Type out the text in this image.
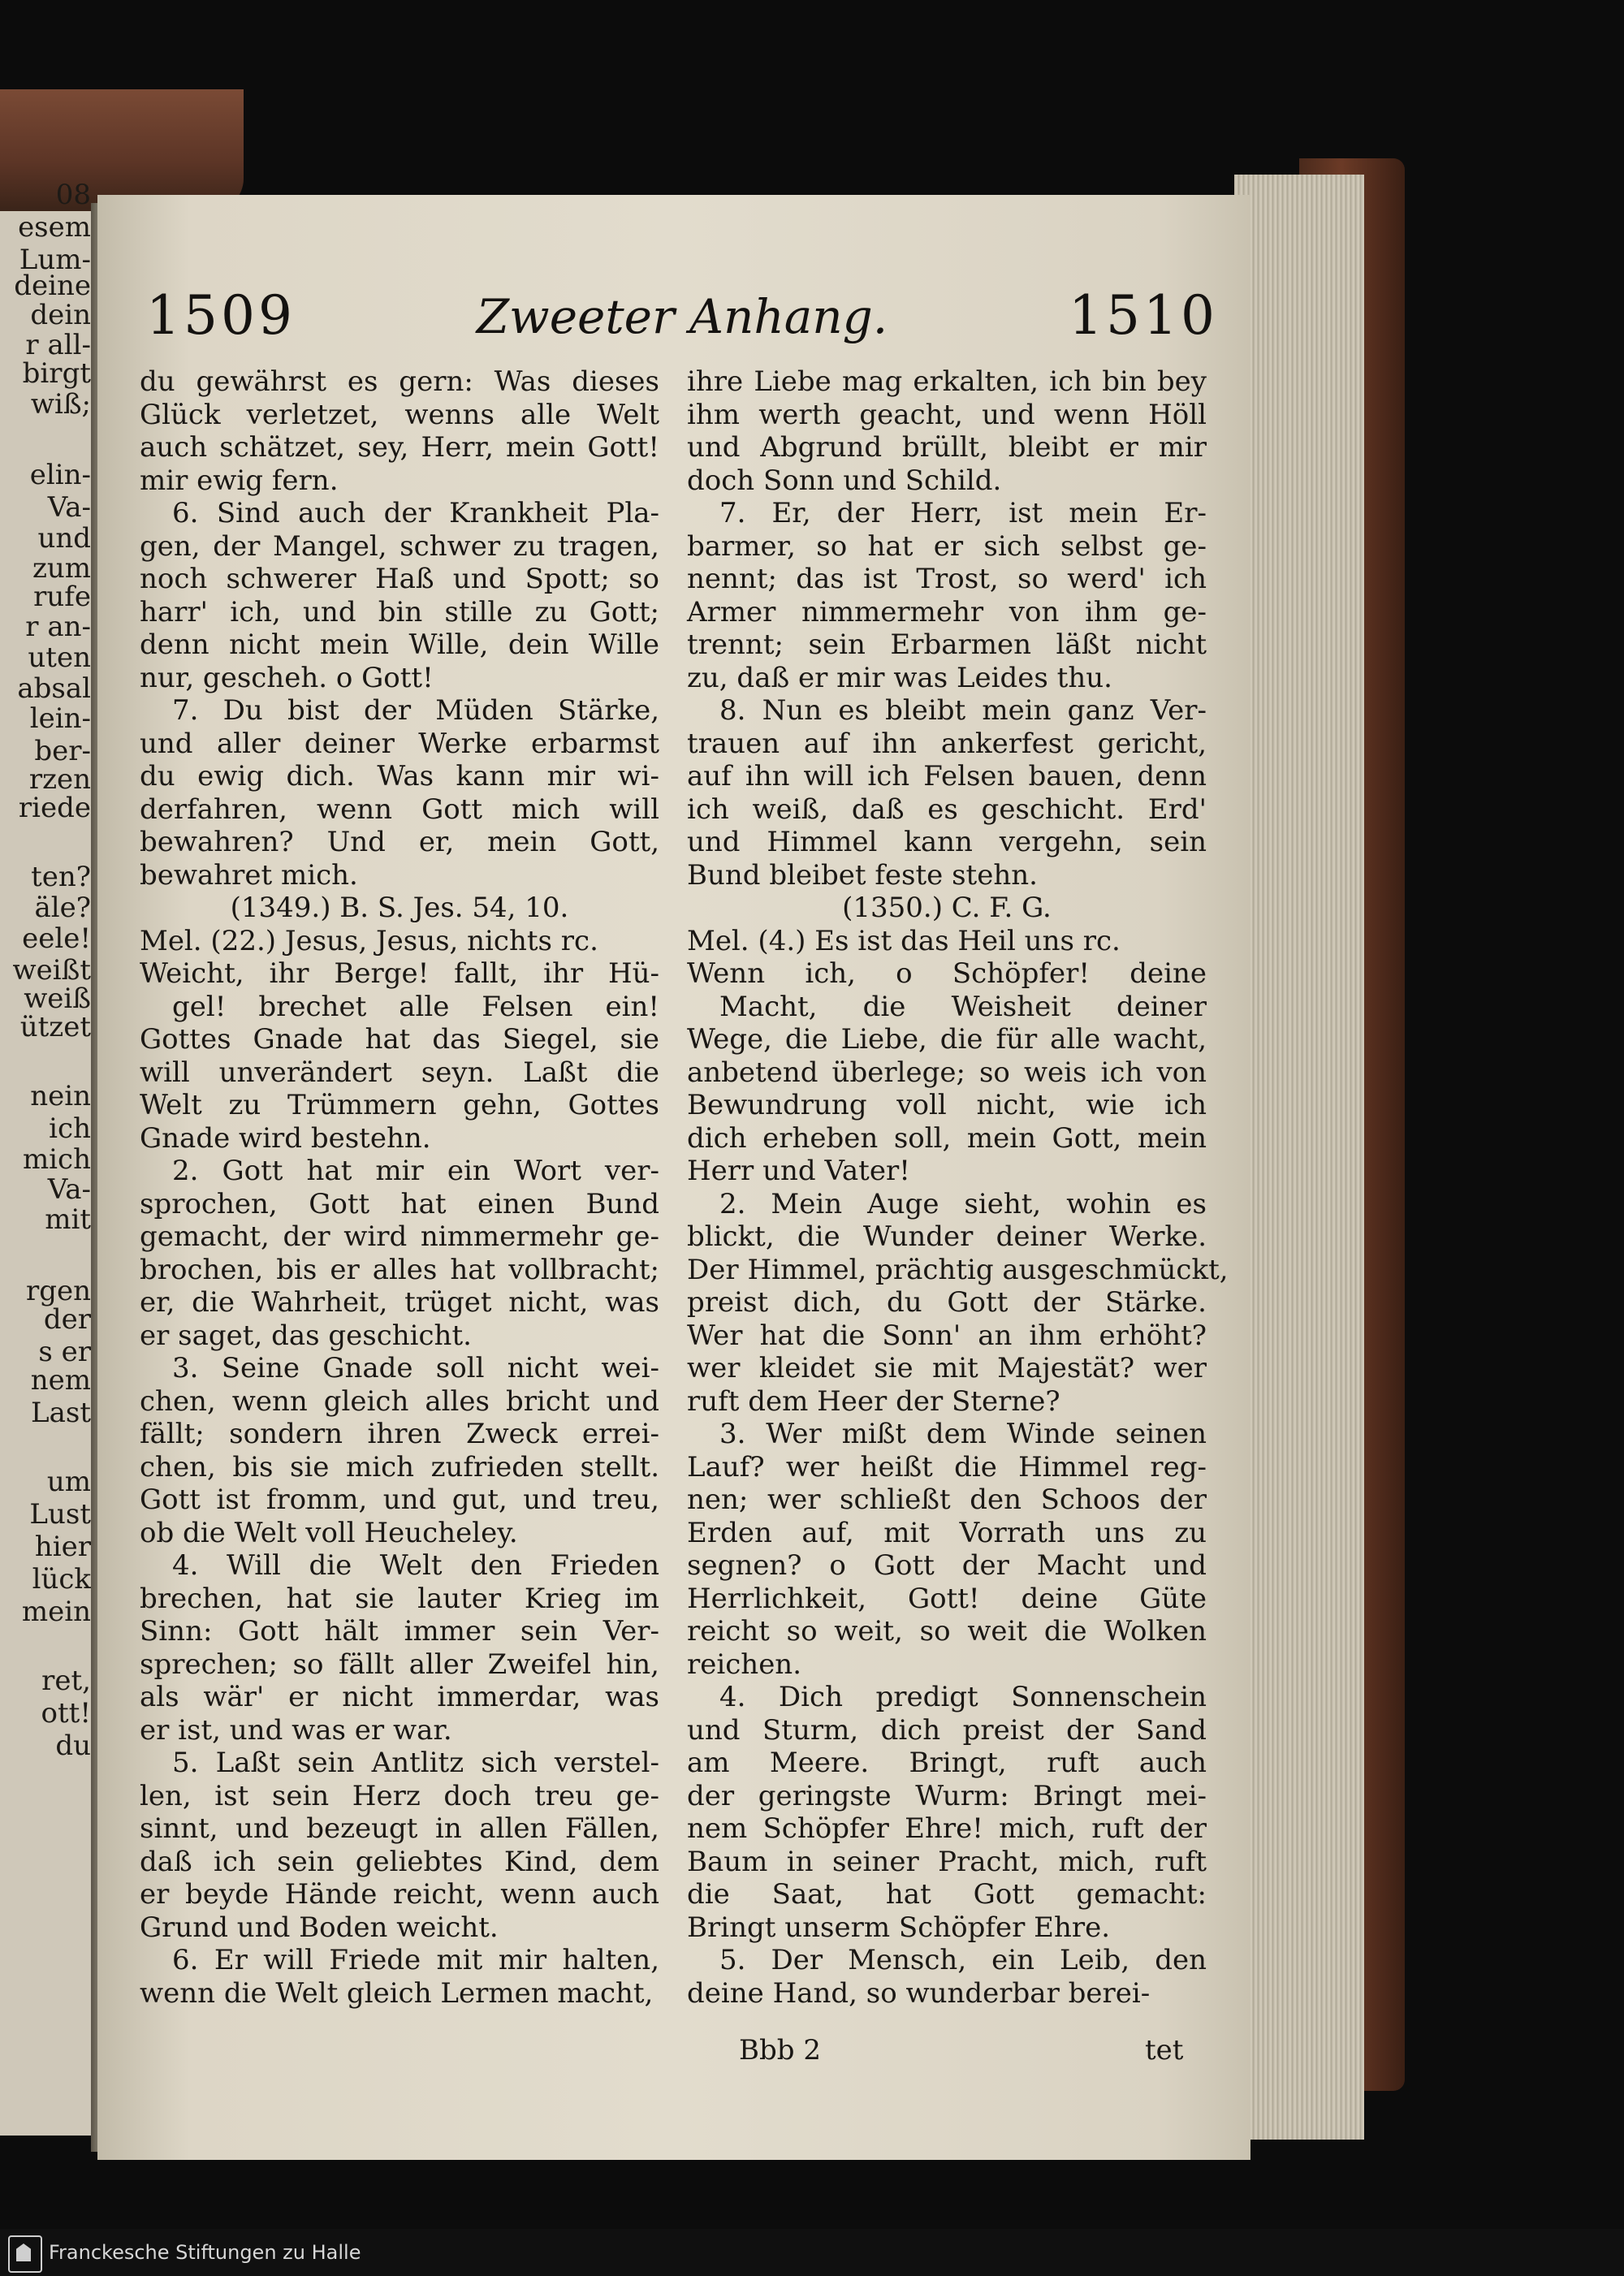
08
esem
Lum-
deine
dein
r all-
birgt
wiß;
elin-
Va-
und
zum
rufe
r an-
uten
absal
lein-
ber-
rzen
riede
ten?
äle?
eele!
weißt
weiß
ützet
nein
ich
mich
Va-
mit
rgen
der
s er
nem
Last
um
Lust
hier
lück
mein
ret,
ott!
du
1509	Zweeter Anhang.	1510
du gewährst es gern: Was dieses
Glück verletzet, wenns alle Welt
auch schätzet, sey, Herr, mein Gott!
mir ewig fern.
6. Sind auch der Krankheit Pla-
gen, der Mangel, schwer zu tragen,
noch schwerer Haß und Spott; so
harr' ich, und bin stille zu Gott;
denn nicht mein Wille, dein Wille
nur, gescheh. o Gott!
7. Du bist der Müden Stärke,
und aller deiner Werke erbarmst
du ewig dich. Was kann mir wi-
derfahren, wenn Gott mich will
bewahren? Und er, mein Gott,
bewahret mich.
(1349.) B. S. Jes. 54, 10.
Mel. (22.) Jesus, Jesus, nichts rc.
Weicht, ihr Berge! fallt, ihr Hü-
gel! brechet alle Felsen ein!
Gottes Gnade hat das Siegel, sie
will unverändert seyn. Laßt die
Welt zu Trümmern gehn, Gottes
Gnade wird bestehn.
2. Gott hat mir ein Wort ver-
sprochen, Gott hat einen Bund
gemacht, der wird nimmermehr ge-
brochen, bis er alles hat vollbracht;
er, die Wahrheit, trüget nicht, was
er saget, das geschicht.
3. Seine Gnade soll nicht wei-
chen, wenn gleich alles bricht und
fällt; sondern ihren Zweck errei-
chen, bis sie mich zufrieden stellt.
Gott ist fromm, und gut, und treu,
ob die Welt voll Heucheley.
4. Will die Welt den Frieden
brechen, hat sie lauter Krieg im
Sinn: Gott hält immer sein Ver-
sprechen; so fällt aller Zweifel hin,
als wär' er nicht immerdar, was
er ist, und was er war.
5. Laßt sein Antlitz sich verstel-
len, ist sein Herz doch treu ge-
sinnt, und bezeugt in allen Fällen,
daß ich sein geliebtes Kind, dem
er beyde Hände reicht, wenn auch
Grund und Boden weicht.
6. Er will Friede mit mir halten,
wenn die Welt gleich Lermen macht,
ihre Liebe mag erkalten, ich bin bey
ihm werth geacht, und wenn Höll
und Abgrund brüllt, bleibt er mir
doch Sonn und Schild.
7. Er, der Herr, ist mein Er-
barmer, so hat er sich selbst ge-
nennt; das ist Trost, so werd' ich
Armer nimmermehr von ihm ge-
trennt; sein Erbarmen läßt nicht
zu, daß er mir was Leides thu.
8. Nun es bleibt mein ganz Ver-
trauen auf ihn ankerfest gericht,
auf ihn will ich Felsen bauen, denn
ich weiß, daß es geschicht. Erd'
und Himmel kann vergehn, sein
Bund bleibet feste stehn.
(1350.) C. F. G.
Mel. (4.) Es ist das Heil uns rc.
Wenn ich, o Schöpfer! deine
Macht, die Weisheit deiner
Wege, die Liebe, die für alle wacht,
anbetend überlege; so weis ich von
Bewundrung voll nicht, wie ich
dich erheben soll, mein Gott, mein
Herr und Vater!
2. Mein Auge sieht, wohin es
blickt, die Wunder deiner Werke.
Der Himmel, prächtig ausgeschmückt,
preist dich, du Gott der Stärke.
Wer hat die Sonn' an ihm erhöht?
wer kleidet sie mit Majestät? wer
ruft dem Heer der Sterne?
3. Wer mißt dem Winde seinen
Lauf? wer heißt die Himmel reg-
nen; wer schließt den Schoos der
Erden auf, mit Vorrath uns zu
segnen? o Gott der Macht und
Herrlichkeit, Gott! deine Güte
reicht so weit, so weit die Wolken
reichen.
4. Dich predigt Sonnenschein
und Sturm, dich preist der Sand
am Meere. Bringt, ruft auch
der geringste Wurm: Bringt mei-
nem Schöpfer Ehre! mich, ruft der
Baum in seiner Pracht, mich, ruft
die Saat, hat Gott gemacht:
Bringt unserm Schöpfer Ehre.
5. Der Mensch, ein Leib, den
deine Hand, so wunderbar berei-
Bbb 2	tet
Franckesche Stiftungen zu Halle
